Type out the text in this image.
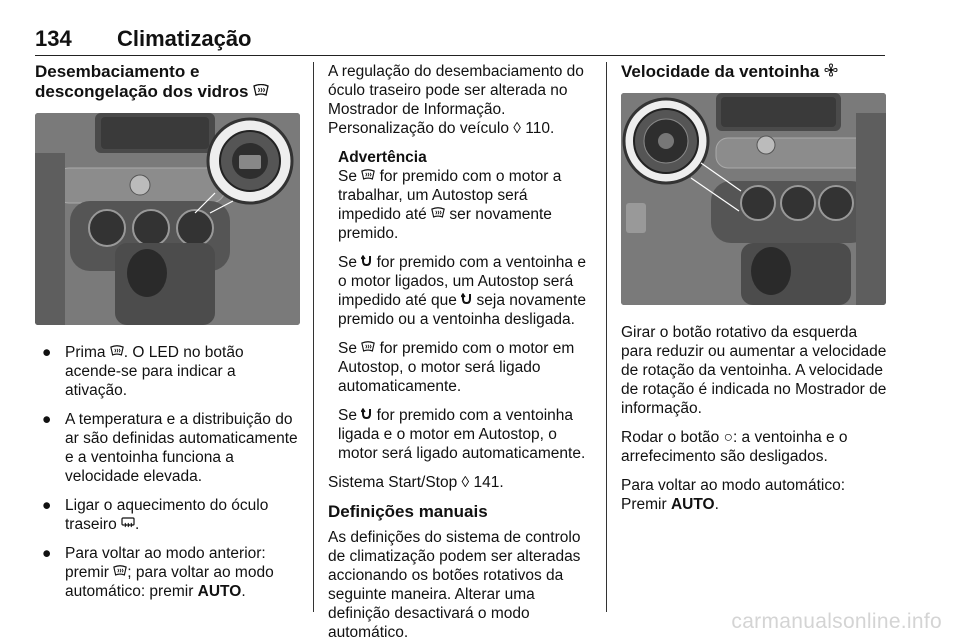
134 Climatização
Desembaciamento e descongelação dos vidros
● Prima . O LED no botão acende-se para indicar a ativação.
● A temperatura e a distribuição do ar são definidas automaticamente e a ventoinha funciona a velocidade elevada.
● Ligar o aquecimento do óculo traseiro .
● Para voltar ao modo anterior: premir ; para voltar ao modo automático: premir AUTO.

A regulação do desembaciamento do óculo traseiro pode ser alterada no Mostrador de Informação. Personalização do veículo ◊ 110.

Advertência

Se for premido com o motor a trabalhar, um Autostop será impedido até ser novamente premido.

Se for premido com a ventoinha e o motor ligados, um Autostop será impedido até que seja novamente premido ou a ventoinha desligada.

Se for premido com o motor em Autostop, o motor será ligado automaticamente.

Se for premido com a ventoinha ligada e o motor em Autostop, o motor será ligado automaticamente.

Sistema Start/Stop ◊ 141.

Definições manuais

As definições do sistema de controlo de climatização podem ser alteradas accionando os botões rotativos da seguinte maneira. Alterar uma definição desactivará o modo automático.

Velocidade da ventoinha

Girar o botão rotativo da esquerda para reduzir ou aumentar a velocidade de rotação da ventoinha. A velocidade de rotação é indicada no Mostrador de informação.

Rodar o botão ○: a ventoinha e o arrefecimento são desligados.

Para voltar ao modo automático:
Premir AUTO.

carmanualsonline.info
